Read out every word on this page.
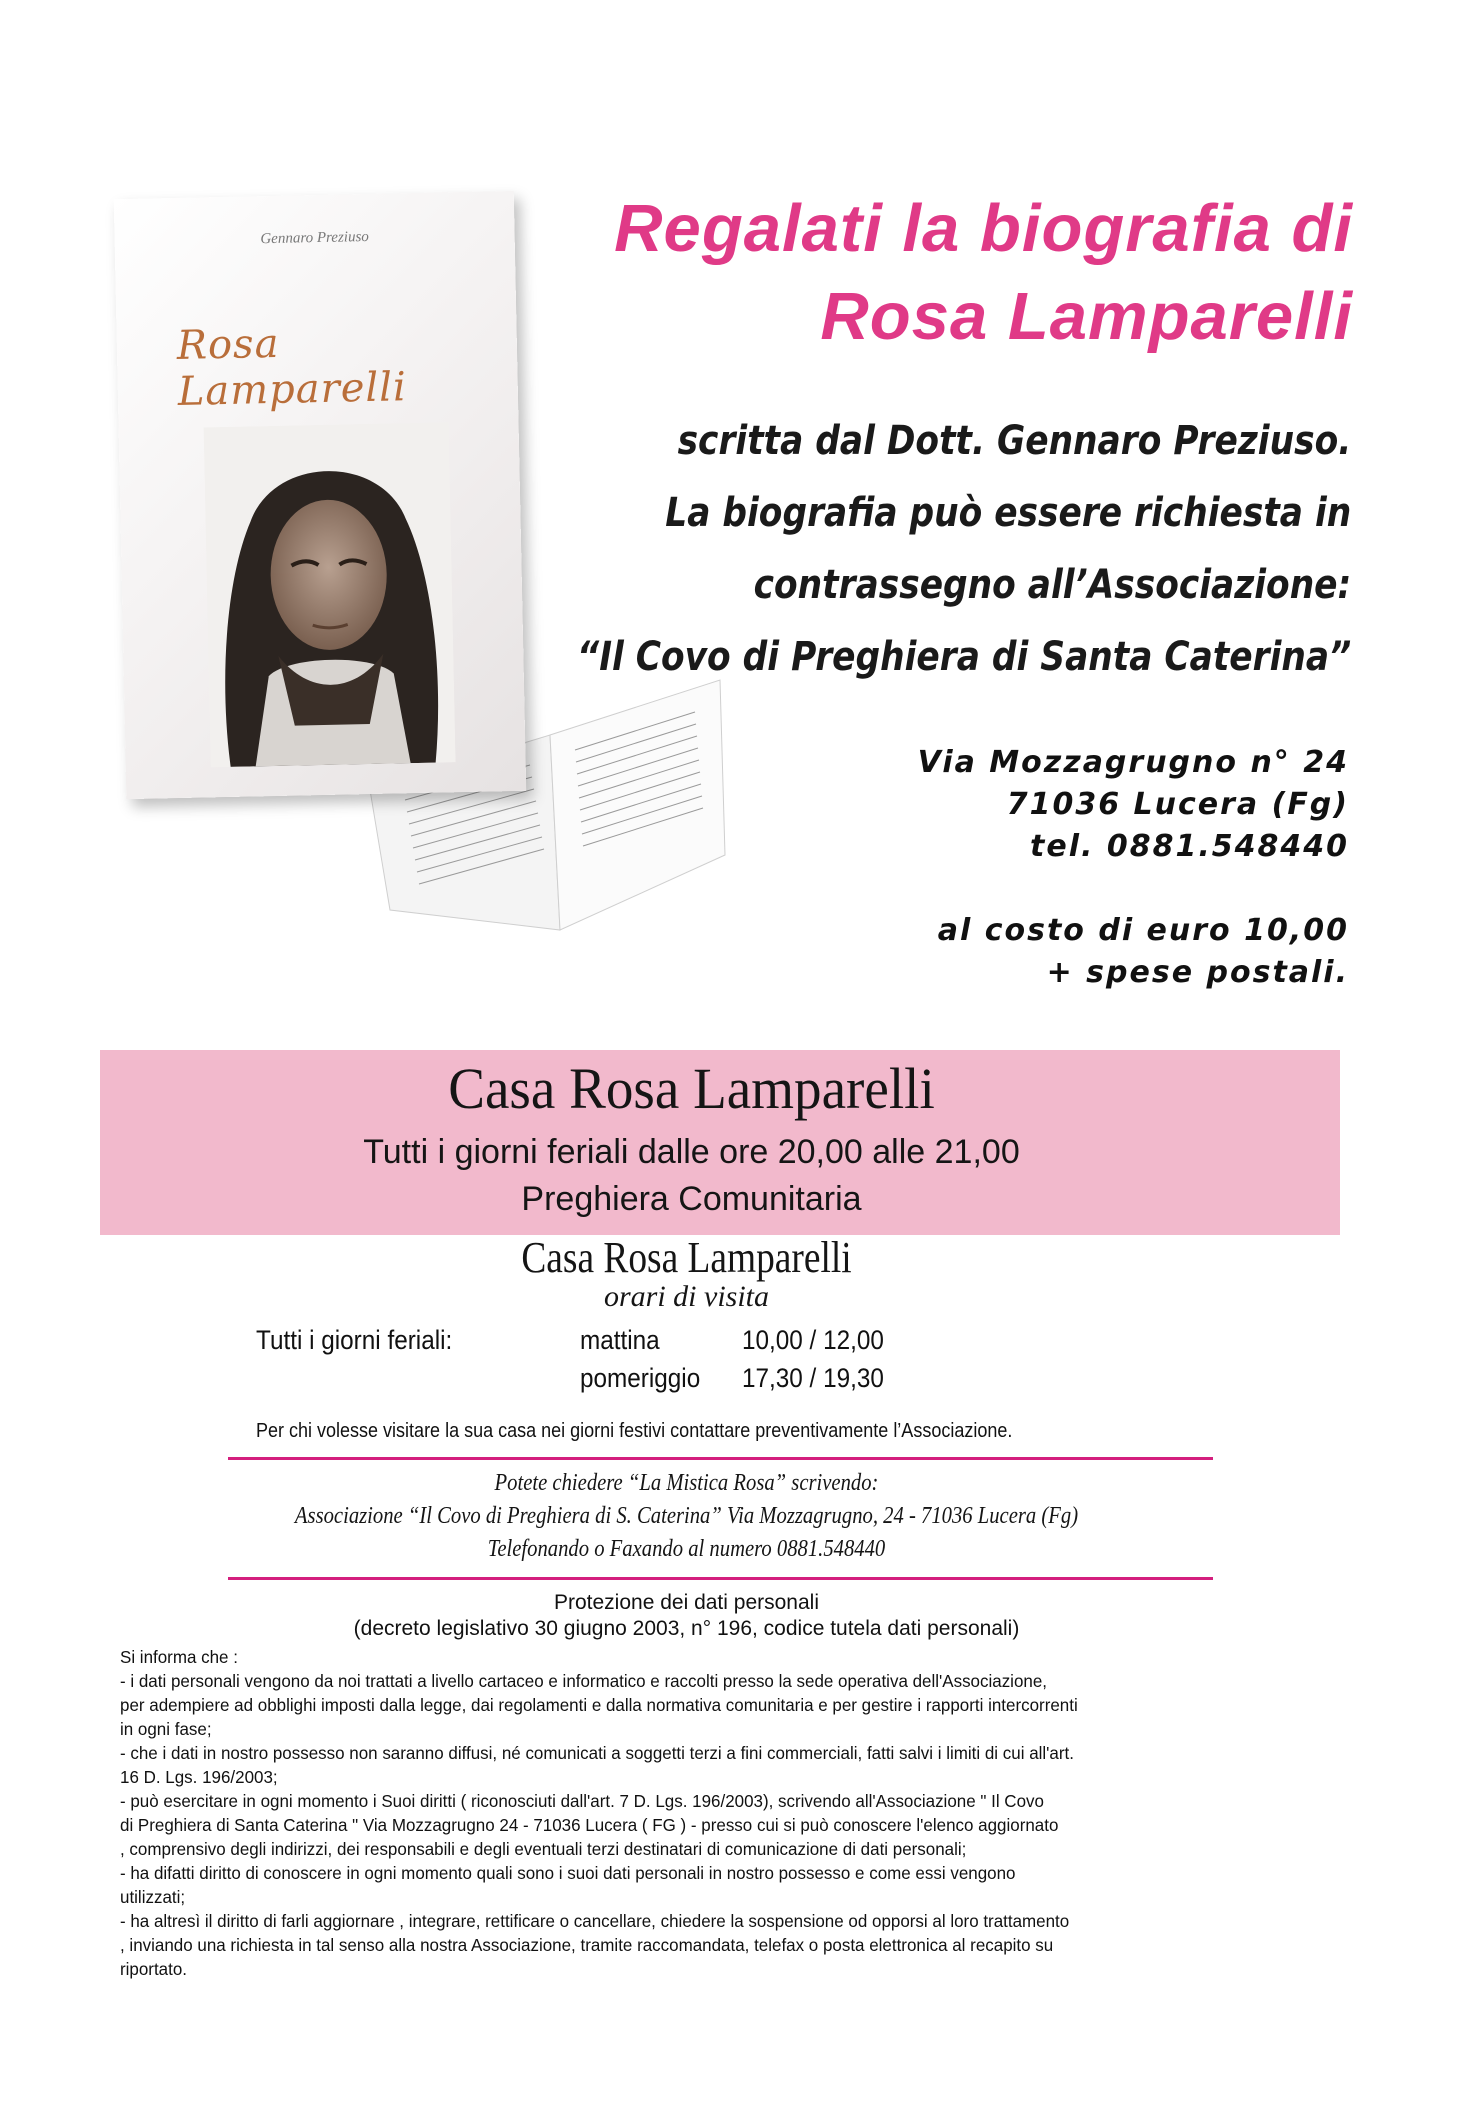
Gennaro Preziuso
Rosa Lamparelli
Regalati la biografia di
Rosa Lamparelli
scritta dal Dott. Gennaro Preziuso.
La biografia può essere richiesta in
contrassegno all’Associazione:
“Il Covo di Preghiera di Santa Caterina”
Via Mozzagrugno n° 24
71036 Lucera (Fg)
tel. 0881.548440
al costo di euro 10,00
+ spese postali.
Casa Rosa Lamparelli
Tutti i giorni feriali dalle ore 20,00 alle 21,00
Preghiera Comunitaria
Casa Rosa Lamparelli
orari di visita
Tutti i giorni feriali:	mattina	10,00 / 12,00
pomeriggio 17,30 / 19,30
Per chi volesse visitare la sua casa nei giorni festivi contattare preventivamente l’Associazione.
Potete chiedere “La Mistica Rosa” scrivendo:
Associazione “Il Covo di Preghiera di S. Caterina” Via Mozzagrugno, 24 - 71036 Lucera (Fg)
Telefonando o Faxando al numero 0881.548440
Protezione dei dati personali
(decreto legislativo 30 giugno 2003, n° 196, codice tutela dati personali)
Si informa che :
- i dati personali vengono da noi trattati a livello cartaceo e informatico e raccolti presso la sede operativa dell'Associazione,
per adempiere ad obblighi imposti dalla legge, dai regolamenti e dalla normativa comunitaria e per gestire i rapporti intercorrenti
in ogni fase;
- che i dati in nostro possesso non saranno diffusi, né comunicati a soggetti terzi a fini commerciali, fatti salvi i limiti di cui all'art.
16 D. Lgs. 196/2003;
- può esercitare in ogni momento i Suoi diritti ( riconosciuti dall'art. 7 D. Lgs. 196/2003), scrivendo all'Associazione " Il Covo
di Preghiera di Santa Caterina " Via Mozzagrugno 24 - 71036 Lucera ( FG ) - presso cui si può conoscere l'elenco aggiornato
, comprensivo degli indirizzi, dei responsabili e degli eventuali terzi destinatari di comunicazione di dati personali;
- ha difatti diritto di conoscere in ogni momento quali sono i suoi dati personali in nostro possesso e come essi vengono
utilizzati;
- ha altresì il diritto di farli aggiornare , integrare, rettificare o cancellare, chiedere la sospensione od opporsi al loro trattamento
, inviando una richiesta in tal senso alla nostra Associazione, tramite raccomandata, telefax o posta elettronica al recapito su
riportato.
